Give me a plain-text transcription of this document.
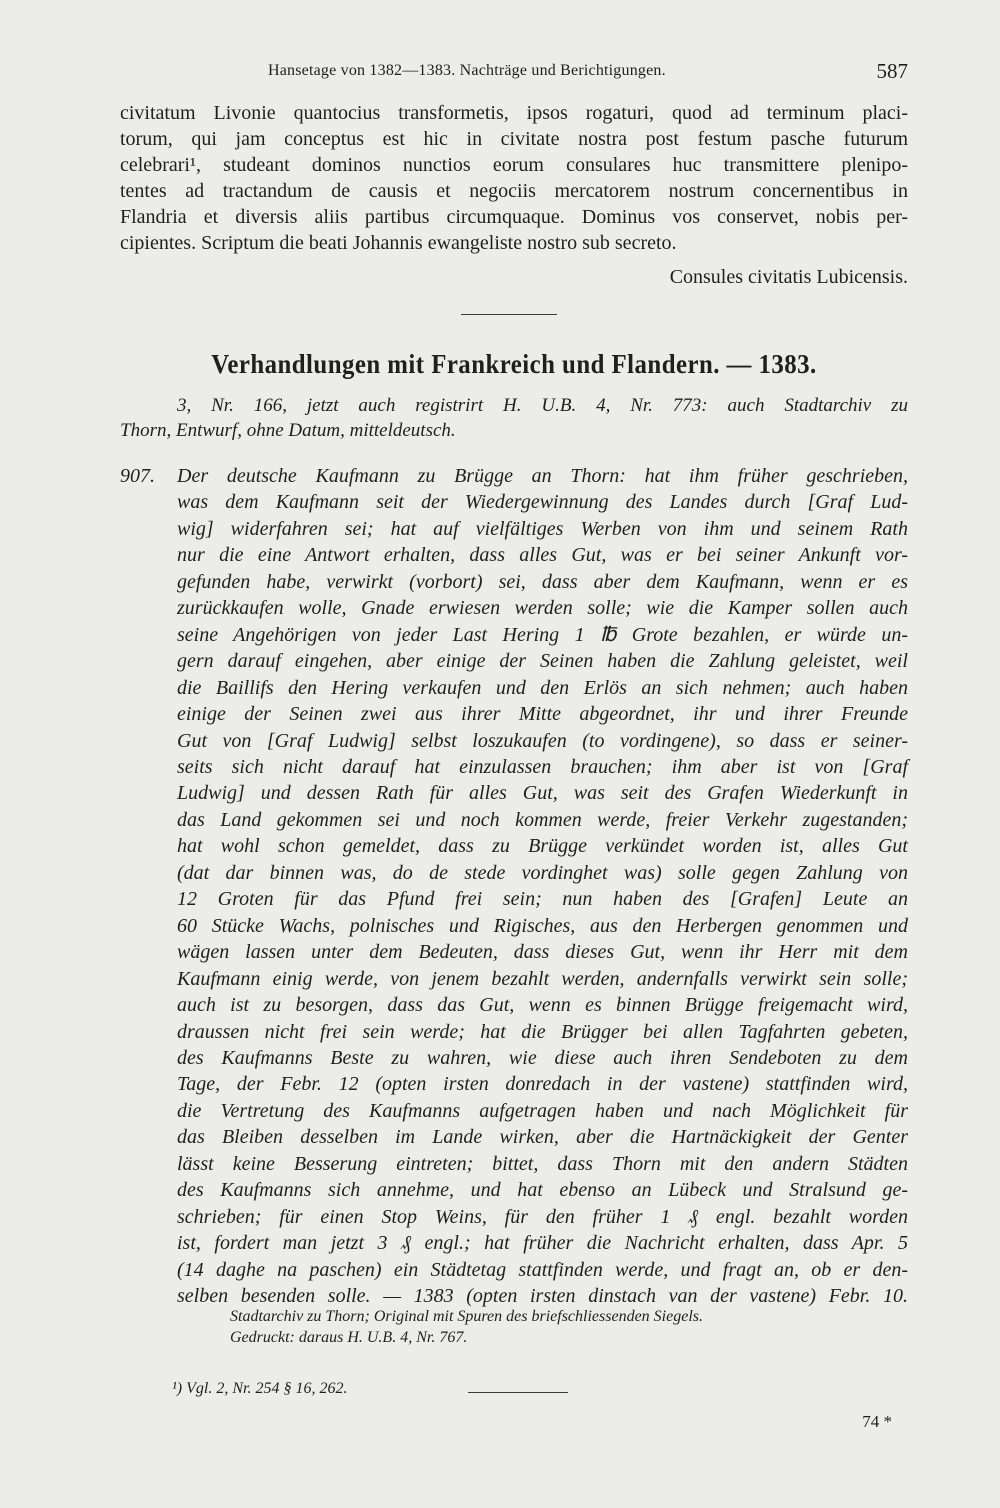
Hansetage von 1382—1383. Nachträge und Berichtigungen.	587
civitatum Livonie quantocius transformetis, ipsos rogaturi, quod ad terminum placi-
torum, qui jam conceptus est hic in civitate nostra post festum pasche futurum
celebrari¹, studeant dominos nunctios eorum consulares huc transmittere plenipo-
tentes ad tractandum de causis et negociis mercatorem nostrum concernentibus in
Flandria et diversis aliis partibus circumquaque. Dominus vos conservet, nobis per-
cipientes. Scriptum die beati Johannis ewangeliste nostro sub secreto.
Consules civitatis Lubicensis.
Verhandlungen mit Frankreich und Flandern. — 1383.
3, Nr. 166, jetzt auch registrirt H. U.B. 4, Nr. 773: auch Stadtarchiv zu
Thorn, Entwurf, ohne Datum, mitteldeutsch.
907. Der deutsche Kaufmann zu Brügge an Thorn: hat ihm früher geschrieben,
was dem Kaufmann seit der Wiedergewinnung des Landes durch [Graf Lud-
wig] widerfahren sei; hat auf vielfältiges Werben von ihm und seinem Rath
nur die eine Antwort erhalten, dass alles Gut, was er bei seiner Ankunft vor-
gefunden habe, verwirkt (vorbort) sei, dass aber dem Kaufmann, wenn er es
zurückkaufen wolle, Gnade erwiesen werden solle; wie die Kamper sollen auch
seine Angehörigen von jeder Last Hering 1 ℔ Grote bezahlen, er würde un-
gern darauf eingehen, aber einige der Seinen haben die Zahlung geleistet, weil
die Baillifs den Hering verkaufen und den Erlös an sich nehmen; auch haben
einige der Seinen zwei aus ihrer Mitte abgeordnet, ihr und ihrer Freunde
Gut von [Graf Ludwig] selbst loszukaufen (to vordingene), so dass er seiner-
seits sich nicht darauf hat einzulassen brauchen; ihm aber ist von [Graf
Ludwig] und dessen Rath für alles Gut, was seit des Grafen Wiederkunft in
das Land gekommen sei und noch kommen werde, freier Verkehr zugestanden;
hat wohl schon gemeldet, dass zu Brügge verkündet worden ist, alles Gut
(dat dar binnen was, do de stede vordinghet was) solle gegen Zahlung von
12 Groten für das Pfund frei sein; nun haben des [Grafen] Leute an
60 Stücke Wachs, polnisches und Rigisches, aus den Herbergen genommen und
wägen lassen unter dem Bedeuten, dass dieses Gut, wenn ihr Herr mit dem
Kaufmann einig werde, von jenem bezahlt werden, andernfalls verwirkt sein solle;
auch ist zu besorgen, dass das Gut, wenn es binnen Brügge freigemacht wird,
draussen nicht frei sein werde; hat die Brügger bei allen Tagfahrten gebeten,
des Kaufmanns Beste zu wahren, wie diese auch ihren Sendeboten zu dem
Tage, der Febr. 12 (opten irsten donredach in der vastene) stattfinden wird,
die Vertretung des Kaufmanns aufgetragen haben und nach Möglichkeit für
das Bleiben desselben im Lande wirken, aber die Hartnäckigkeit der Genter
lässt keine Besserung eintreten; bittet, dass Thorn mit den andern Städten
des Kaufmanns sich annehme, und hat ebenso an Lübeck und Stralsund ge-
schrieben; für einen Stop Weins, für den früher 1 ₰ engl. bezahlt worden
ist, fordert man jetzt 3 ₰ engl.; hat früher die Nachricht erhalten, dass Apr. 5
(14 daghe na paschen) ein Städtetag stattfinden werde, und fragt an, ob er den-
selben besenden solle. — 1383 (opten irsten dinstach van der vastene) Febr. 10.
Stadtarchiv zu Thorn; Original mit Spuren des briefschliessenden Siegels.
Gedruckt: daraus H. U.B. 4, Nr. 767.
¹) Vgl. 2, Nr. 254 § 16, 262.
74 *
